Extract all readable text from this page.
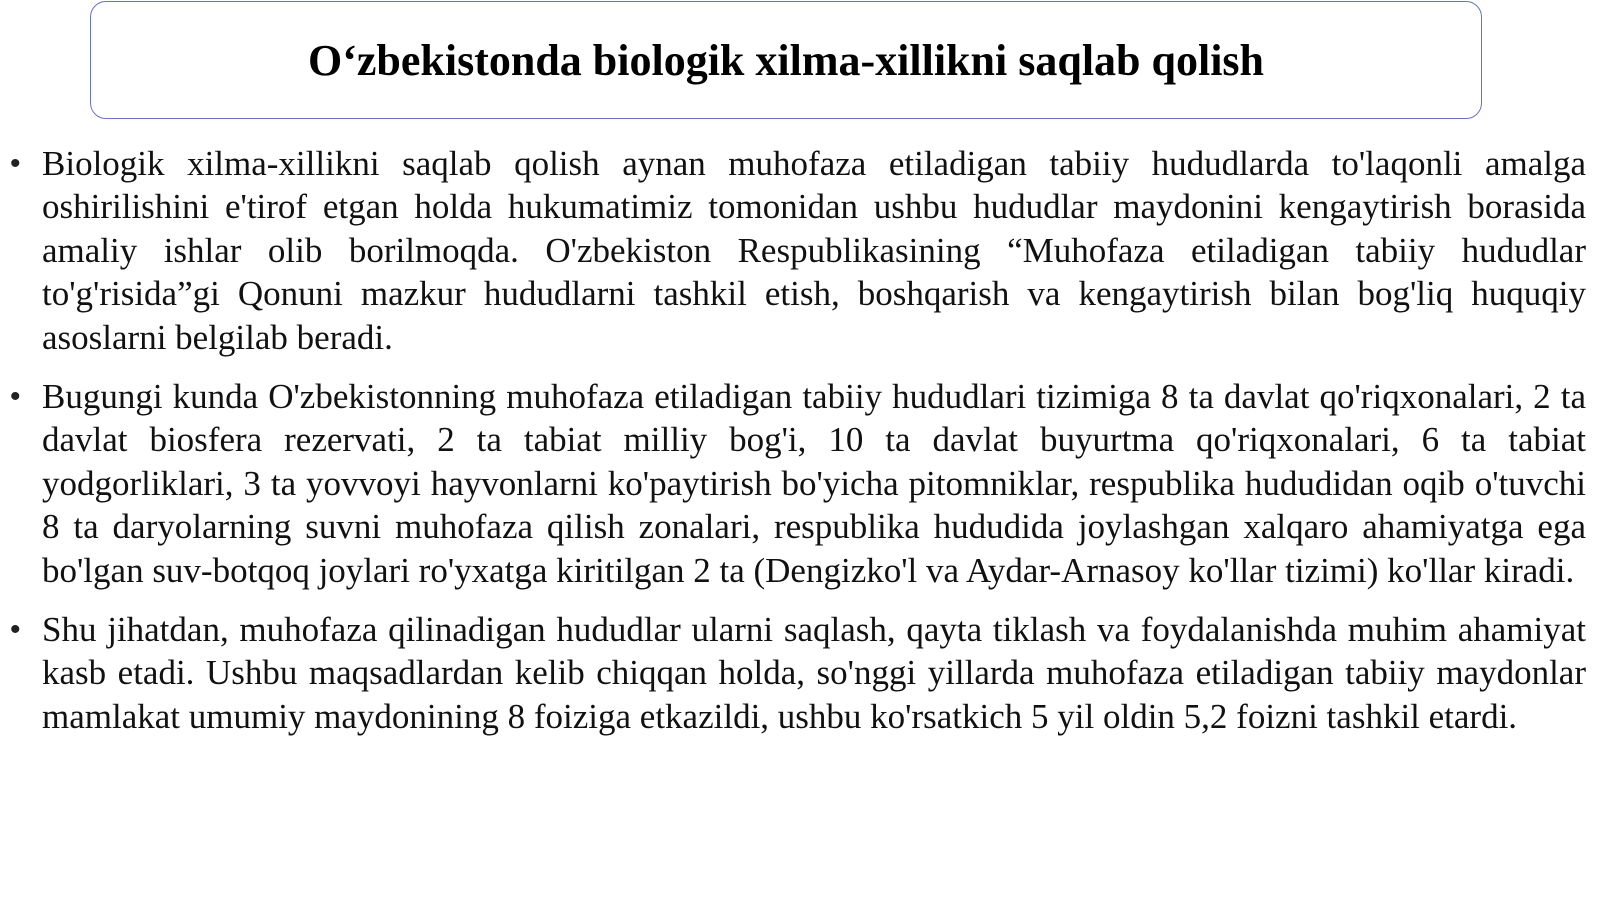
O‘zbekistonda biologik xilma-xillikni saqlab qolish
• Biologik xilma-xillikni saqlab qolish aynan muhofaza etiladigan tabiiy hududlarda to'laqonli amalga oshirilishini e'tirof etgan holda hukumatimiz tomonidan ushbu hududlar maydonini kengaytirish borasida amaliy ishlar olib borilmoqda. O'zbekiston Respublikasining “Muhofaza etiladigan tabiiy hududlar to'g'risida”gi Qonuni mazkur hududlarni tashkil etish, boshqarish va kengaytirish bilan bog'liq huquqiy asoslarni belgilab beradi.
• Bugungi kunda O'zbekistonning muhofaza etiladigan tabiiy hududlari tizimiga 8 ta davlat qo'riqxonalari, 2 ta davlat biosfera rezervati, 2 ta tabiat milliy bog'i, 10 ta davlat buyurtma qo'riqxonalari, 6 ta tabiat yodgorliklari, 3 ta yovvoyi hayvonlarni ko'paytirish bo'yicha pitomniklar, respublika hududidan oqib o'tuvchi 8 ta daryolarning suvni muhofaza qilish zonalari, respublika hududida joylashgan xalqaro ahamiyatga ega bo'lgan suv-botqoq joylari ro'yxatga kiritilgan 2 ta (Dengizko'l va Aydar-Arnasoy ko'llar tizimi) ko'llar kiradi.
• Shu jihatdan, muhofaza qilinadigan hududlar ularni saqlash, qayta tiklash va foydalanishda muhim ahamiyat kasb etadi. Ushbu maqsadlardan kelib chiqqan holda, so'nggi yillarda muhofaza etiladigan tabiiy maydonlar mamlakat umumiy maydonining 8 foiziga etkazildi, ushbu ko'rsatkich 5 yil oldin 5,2 foizni tashkil etardi.
